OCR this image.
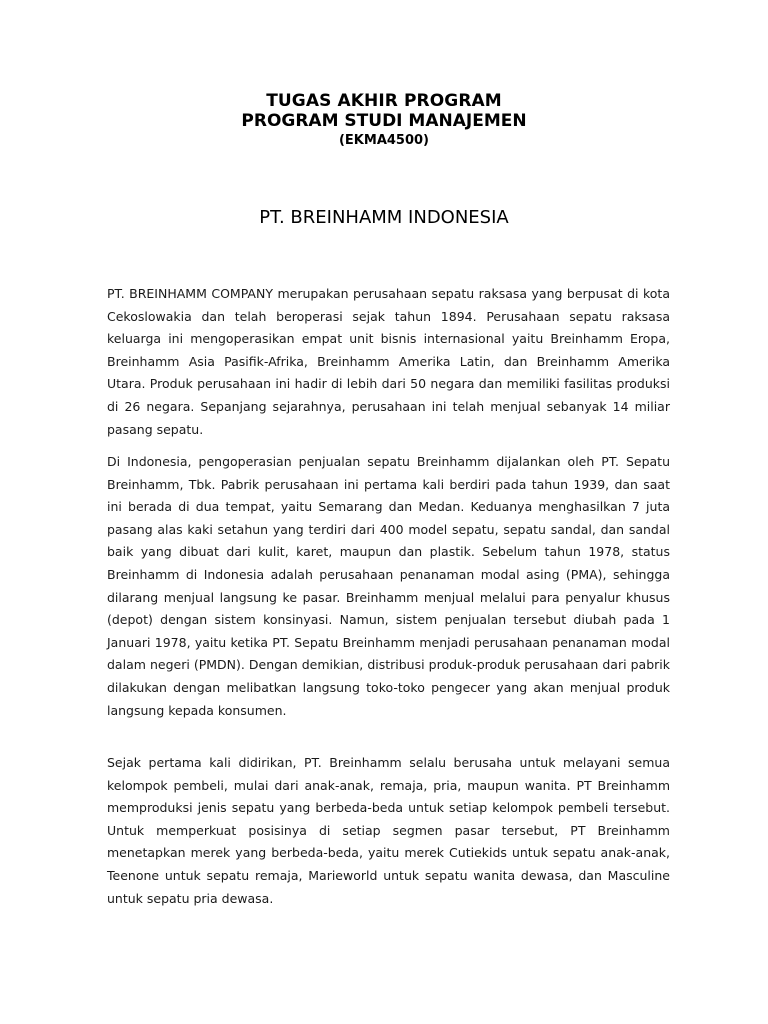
TUGAS AKHIR PROGRAM
PROGRAM STUDI MANAJEMEN
(EKMA4500)
PT. BREINHAMM INDONESIA
PT. BREINHAMM COMPANY merupakan perusahaan sepatu raksasa yang berpusat di kota Cekoslowakia dan telah beroperasi sejak tahun 1894. Perusahaan sepatu raksasa keluarga ini mengoperasikan empat unit bisnis internasional yaitu Breinhamm Eropa, Breinhamm Asia Pasifik-Afrika, Breinhamm Amerika Latin, dan Breinhamm Amerika Utara. Produk perusahaan ini hadir di lebih dari 50 negara dan memiliki fasilitas produksi di 26 negara. Sepanjang sejarahnya, perusahaan ini telah menjual sebanyak 14 miliar pasang sepatu.
Di Indonesia, pengoperasian penjualan sepatu Breinhamm dijalankan oleh PT. Sepatu Breinhamm, Tbk. Pabrik perusahaan ini pertama kali berdiri pada tahun 1939, dan saat ini berada di dua tempat, yaitu Semarang dan Medan. Keduanya menghasilkan 7 juta pasang alas kaki setahun yang terdiri dari 400 model sepatu, sepatu sandal, dan sandal baik yang dibuat dari kulit, karet, maupun dan plastik. Sebelum tahun 1978, status Breinhamm di Indonesia adalah perusahaan penanaman modal asing (PMA), sehingga dilarang menjual langsung ke pasar. Breinhamm menjual melalui para penyalur khusus (depot) dengan sistem konsinyasi. Namun, sistem penjualan tersebut diubah pada 1 Januari 1978, yaitu ketika PT. Sepatu Breinhamm menjadi perusahaan penanaman modal dalam negeri (PMDN). Dengan demikian, distribusi produk-produk perusahaan dari pabrik dilakukan dengan melibatkan langsung toko-toko pengecer yang akan menjual produk langsung kepada konsumen.
Sejak pertama kali didirikan, PT. Breinhamm selalu berusaha untuk melayani semua kelompok pembeli, mulai dari anak-anak, remaja, pria, maupun wanita. PT Breinhamm memproduksi jenis sepatu yang berbeda-beda untuk setiap kelompok pembeli tersebut. Untuk memperkuat posisinya di setiap segmen pasar tersebut, PT Breinhamm menetapkan merek yang berbeda-beda, yaitu merek Cutiekids untuk sepatu anak-anak, Teenone untuk sepatu remaja, Marieworld untuk sepatu wanita dewasa, dan Masculine untuk sepatu pria dewasa.
